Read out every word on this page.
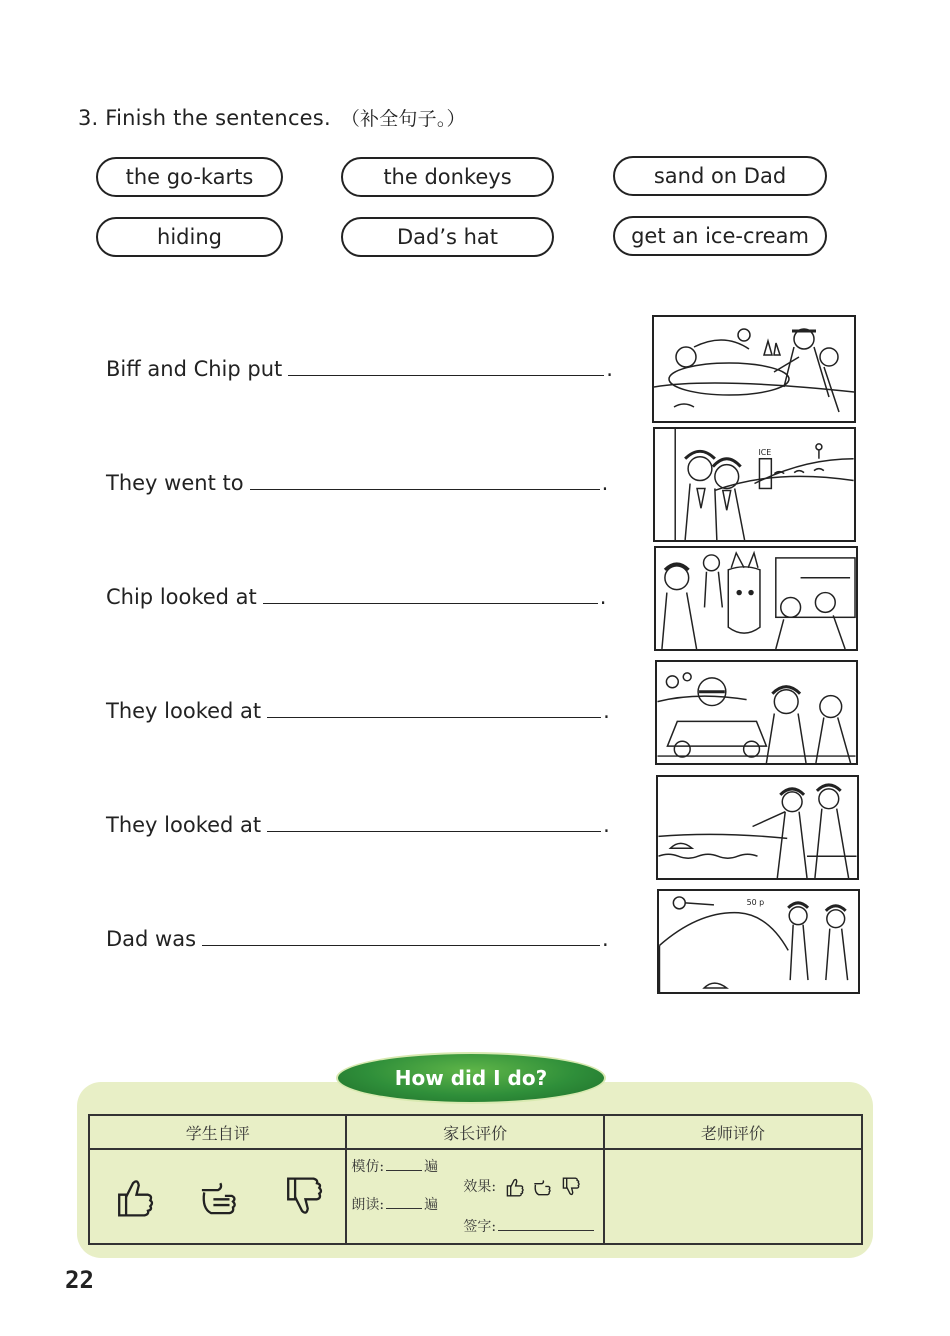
3. Finish the sentences. （补全句子。）
the go-karts	the donkeys	sand on Dad
hiding	Dad’s hat	get an ice-cream
Biff and Chip put	.
They went to	.
Chip looked at	.
They looked at	.
They looked at	.
Dad was	.
ICE
50 p
学生自评	家长评价	老师评价

模仿: 遍
朗读: 遍
效果:
签字:	

How did I do?
22
